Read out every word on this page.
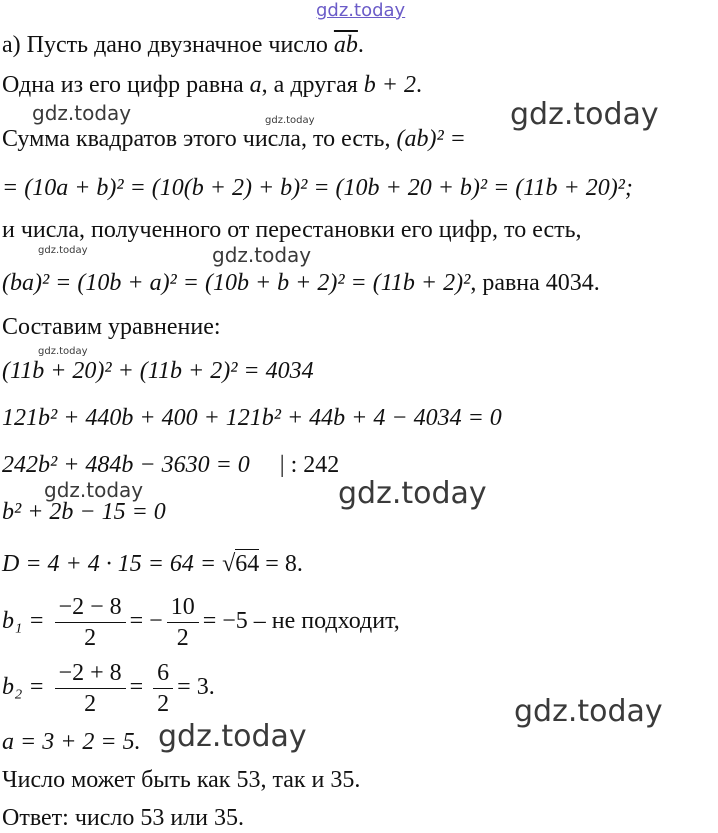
gdz.today
gdz.today	gdz.today	gdz.today
gdz.today	gdz.today
gdz.today
gdz.today	gdz.today
gdz.today
gdz.today
а) Пусть дано двузначное число $\overline{ab}$.
Одна из его цифр равна a, а другая b + 2.
Сумма квадратов этого числа, то есть, (ab)² =
= (10a + b)² = (10(b + 2) + b)² = (10b + 20 + b)² = (11b + 20)²;
и числа, полученного от перестановки его цифр, то есть,
(ba)² = (10b + a)² = (10b + b + 2)² = (11b + 2)², равна 4034.
Составим уравнение:
(11b + 20)² + (11b + 2)² = 4034
121b² + 440b + 400 + 121b² + 44b + 4 − 4034 = 0
242b² + 484b − 3630 = 0 | : 242
b² + 2b − 15 = 0
D = 4 + 4 · 15 = 64 = √64 = 8.
$b_1 = \frac{-2 - 8}{2}$ = − $\frac{10}{2} = -5$ – не подходит,
$b_2 = \frac{-2 + 8}{2} = \frac{6}{2} = 3$.
a = 3 + 2 = 5.
Число может быть как 53, так и 35.
Ответ: число 53 или 35.
